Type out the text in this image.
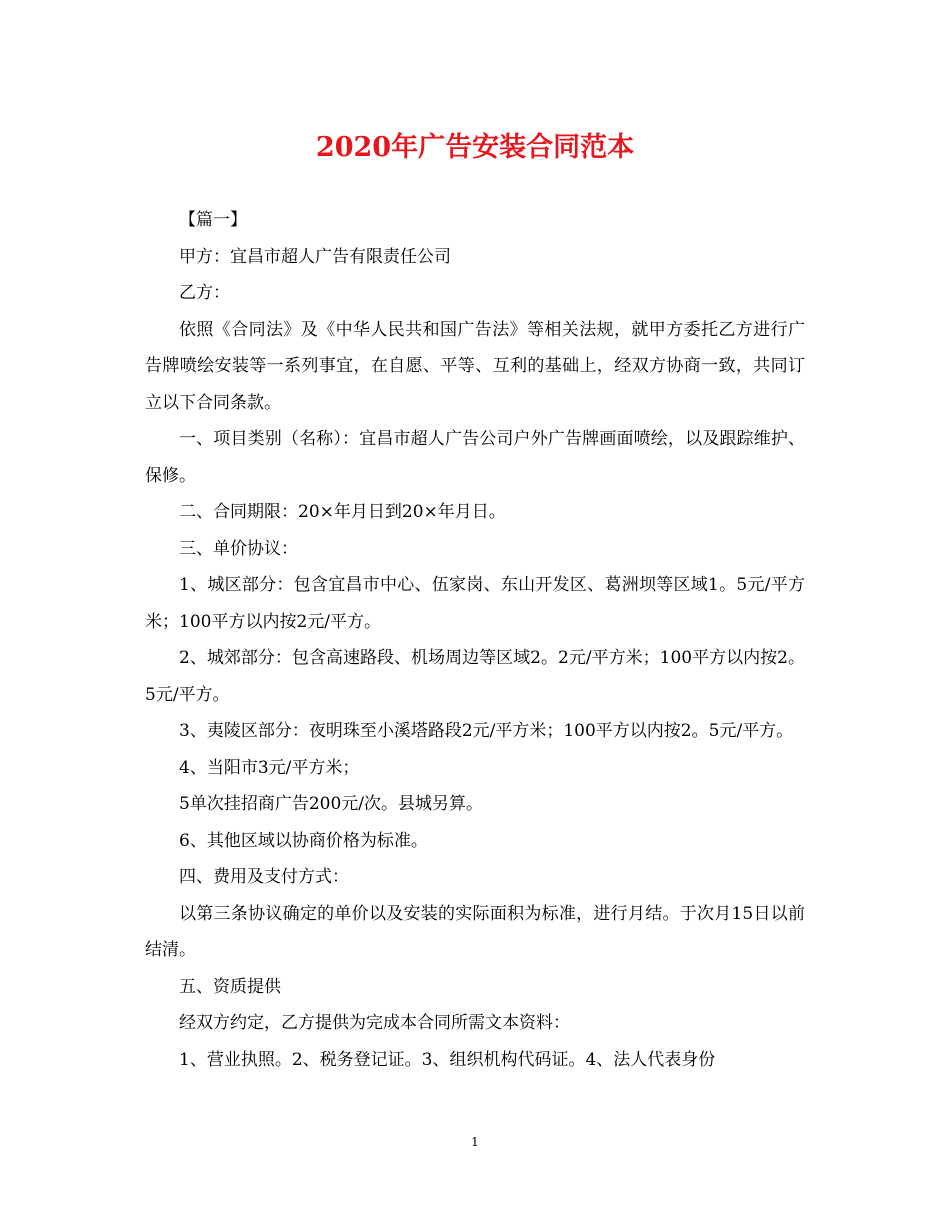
2020年广告安装合同范本

【篇一】

甲方：宜昌市超人广告有限责任公司

乙方：

依照《合同法》及《中华人民共和国广告法》等相关法规，就甲方委托乙方进行广告牌喷绘安装等一系列事宜，在自愿、平等、互利的基础上，经双方协商一致，共同订立以下合同条款。

一、项目类别（名称）：宜昌市超人广告公司户外广告牌画面喷绘，以及跟踪维护、保修。

二、合同期限：20×年月日到20×年月日。

三、单价协议：

1、城区部分：包含宜昌市中心、伍家岗、东山开发区、葛洲坝等区域1。5元/平方米；100平方以内按2元/平方。

2、城郊部分：包含高速路段、机场周边等区域2。2元/平方米；100平方以内按2。5元/平方。

3、夷陵区部分：夜明珠至小溪塔路段2元/平方米；100平方以内按2。5元/平方。

4、当阳市3元/平方米；

5单次挂招商广告200元/次。县城另算。

6、其他区域以协商价格为标准。

四、费用及支付方式：

以第三条协议确定的单价以及安装的实际面积为标准，进行月结。于次月15日以前结清。

五、资质提供

经双方约定，乙方提供为完成本合同所需文本资料：

1、营业执照。2、税务登记证。3、组织机构代码证。4、法人代表身份

1
